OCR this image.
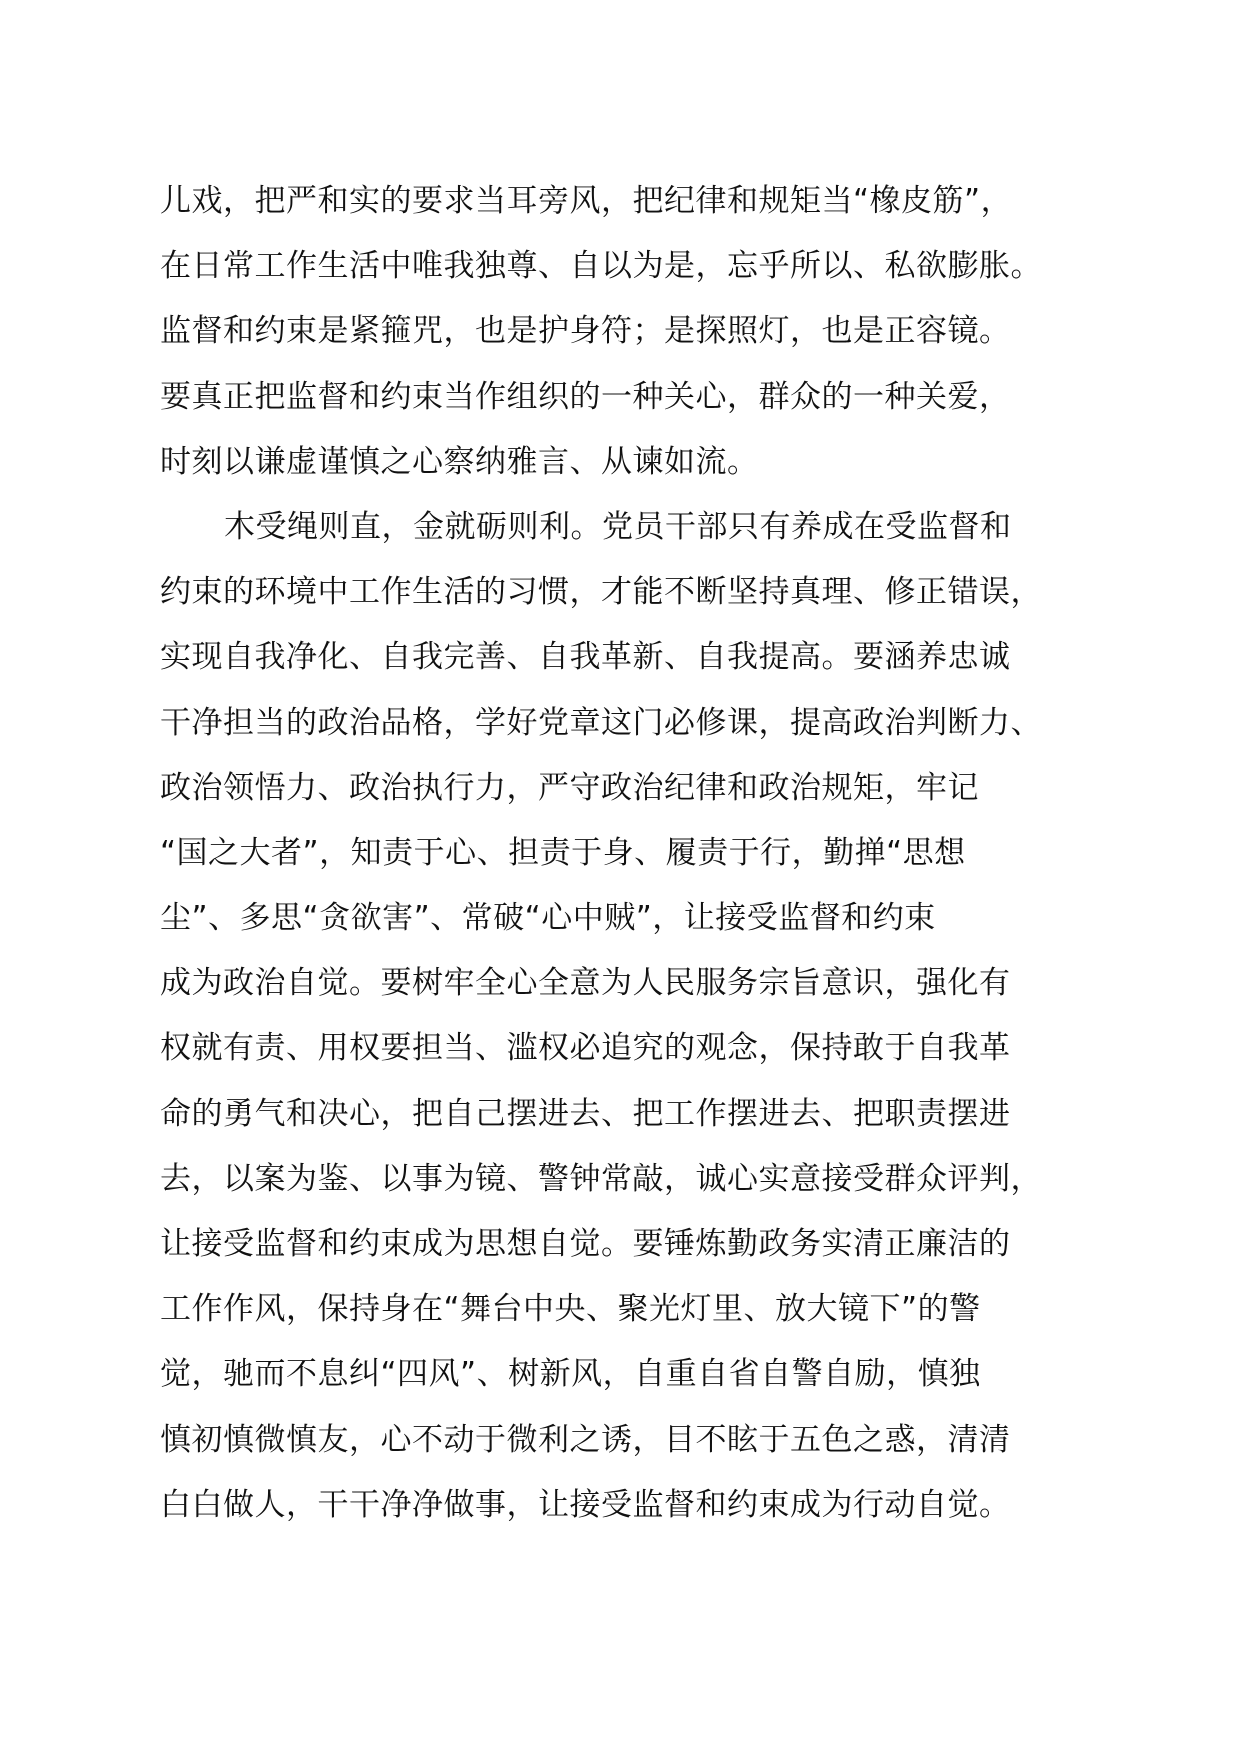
儿戏，把严和实的要求当耳旁风，把纪律和规矩当“橡皮筋”，
在日常工作生活中唯我独尊、自以为是，忘乎所以、私欲膨胀。
监督和约束是紧箍咒，也是护身符；是探照灯，也是正容镜。
要真正把监督和约束当作组织的一种关心，群众的一种关爱，
时刻以谦虚谨慎之心察纳雅言、从谏如流。
木受绳则直，金就砺则利。党员干部只有养成在受监督和
约束的环境中工作生活的习惯，才能不断坚持真理、修正错误，
实现自我净化、自我完善、自我革新、自我提高。要涵养忠诚
干净担当的政治品格，学好党章这门必修课，提高政治判断力、
政治领悟力、政治执行力，严守政治纪律和政治规矩，牢记
“国之大者”，知责于心、担责于身、履责于行，勤掸“思想
尘”、多思“贪欲害”、常破“心中贼”，让接受监督和约束
成为政治自觉。要树牢全心全意为人民服务宗旨意识，强化有
权就有责、用权要担当、滥权必追究的观念，保持敢于自我革
命的勇气和决心，把自己摆进去、把工作摆进去、把职责摆进
去，以案为鉴、以事为镜、警钟常敲，诚心实意接受群众评判，
让接受监督和约束成为思想自觉。要锤炼勤政务实清正廉洁的
工作作风，保持身在“舞台中央、聚光灯里、放大镜下”的警
觉，驰而不息纠“四风”、树新风，自重自省自警自励，慎独
慎初慎微慎友，心不动于微利之诱，目不眩于五色之惑，清清
白白做人，干干净净做事，让接受监督和约束成为行动自觉。
